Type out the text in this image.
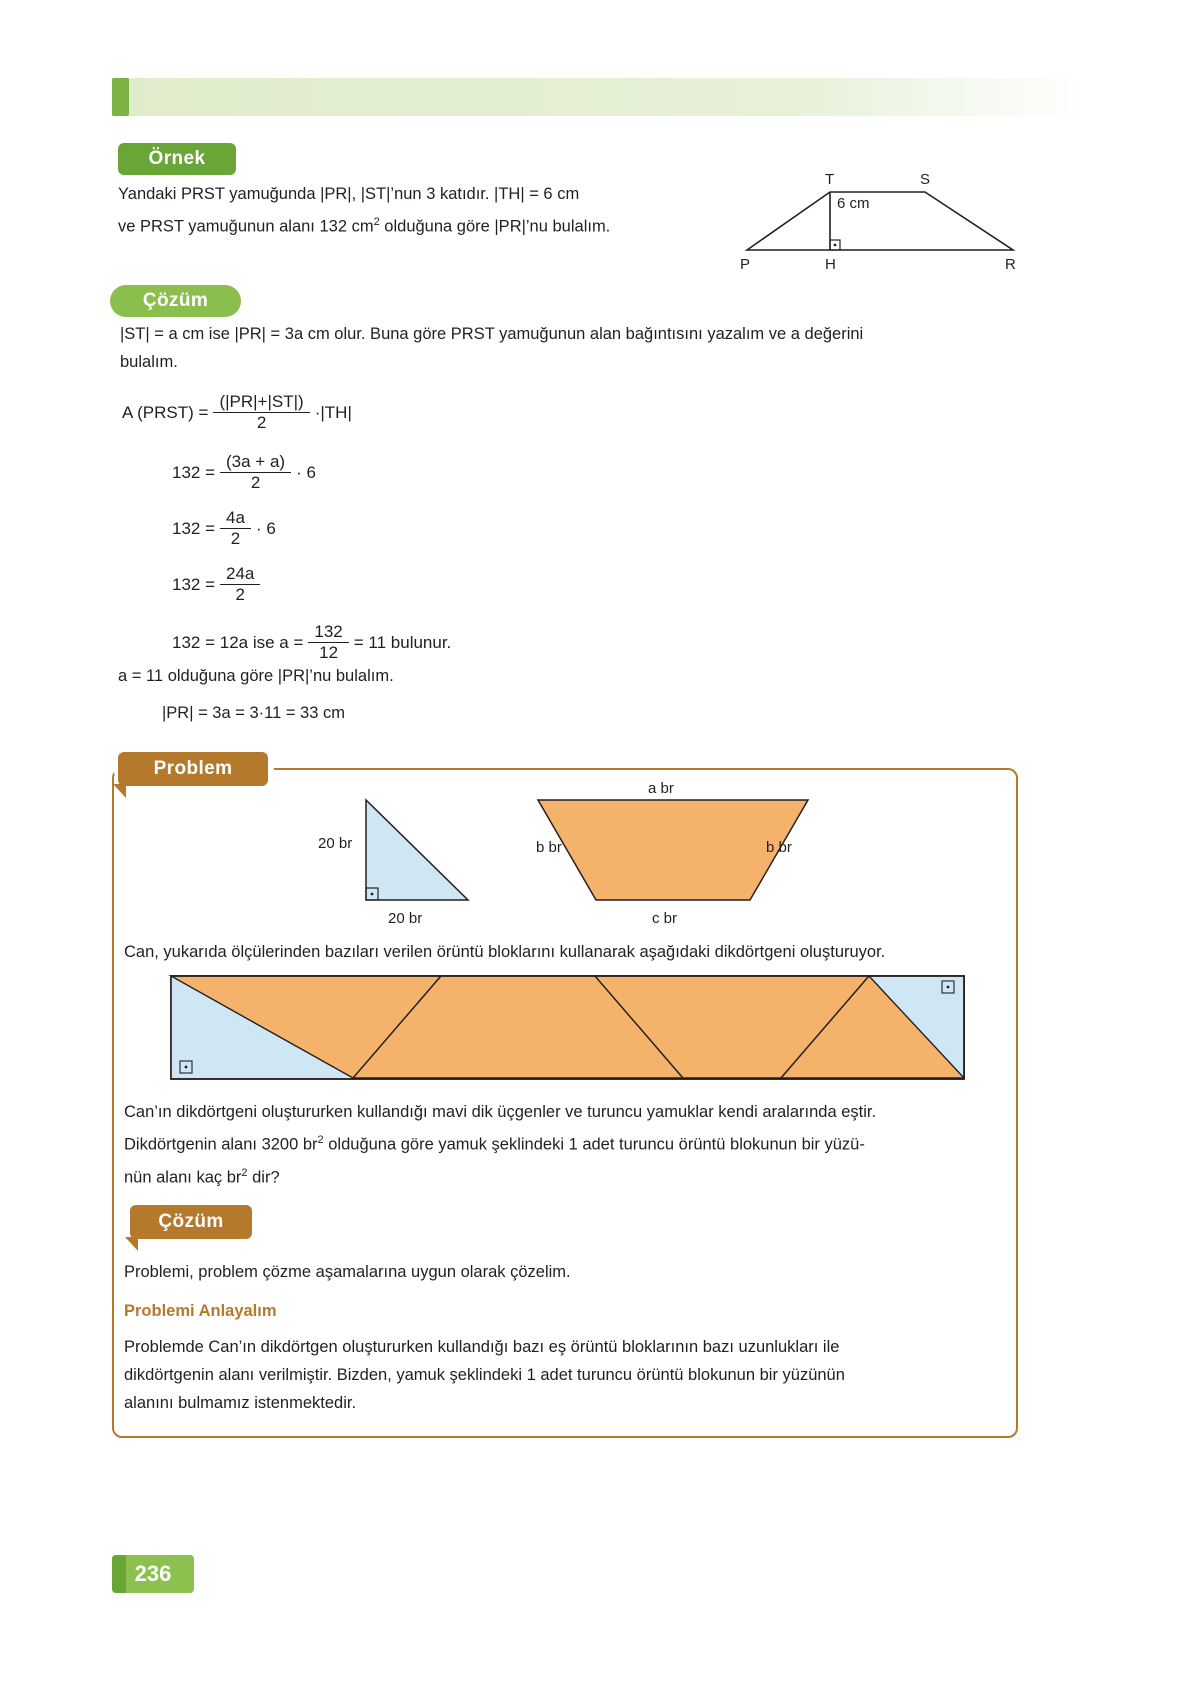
Örnek
Yandaki PRST yamuğunda |PR|, |ST|’nun 3 katıdır. |TH| = 6 cm
ve PRST yamuğunun alanı 132 $cm^2$ olduğuna göre |PR|’nu bulalım.
T	S
P	H	R
6 cm
Çözüm
|ST| = a cm ise |PR| = 3a cm olur. Buna göre PRST yamuğunun alan bağıntısını yazalım ve a değerini
bulalım.
A (PRST) = $\frac{(|PR|+|ST|)}{2} \cdot|TH|$
$132 = \frac{(3a + a)}{2} \cdot 6$
$132 = \frac{4a}{2} \cdot 6$
$132 = \frac{24a}{2}$
132 = 12a ise $a = \frac{132}{12} = 11$ bulunur.
a = 11 olduğuna göre |PR|’nu bulalım.
|PR| = 3a = 3·11 = 33 cm
Problem
20 br
20 br
a br
b br	b br
c br
Can, yukarıda ölçülerinden bazıları verilen örüntü bloklarını kullanarak aşağıdaki dikdörtgeni oluşturuyor.
Can’ın dikdörtgeni oluştururken kullandığı mavi dik üçgenler ve turuncu yamuklar kendi aralarında eştir.
Dikdörtgenin alanı 3200 $br^2$ olduğuna göre yamuk şeklindeki 1 adet turuncu örüntü blokunun bir yüzü-
nün alanı kaç $br^2$ dir?
Çözüm
Problemi, problem çözme aşamalarına uygun olarak çözelim.
Problemi Anlayalım
Problemde Can’ın dikdörtgen oluştururken kullandığı bazı eş örüntü bloklarının bazı uzunlukları ile
dikdörtgenin alanı verilmiştir. Bizden, yamuk şeklindeki 1 adet turuncu örüntü blokunun bir yüzünün
alanını bulmamız istenmektedir.
236
